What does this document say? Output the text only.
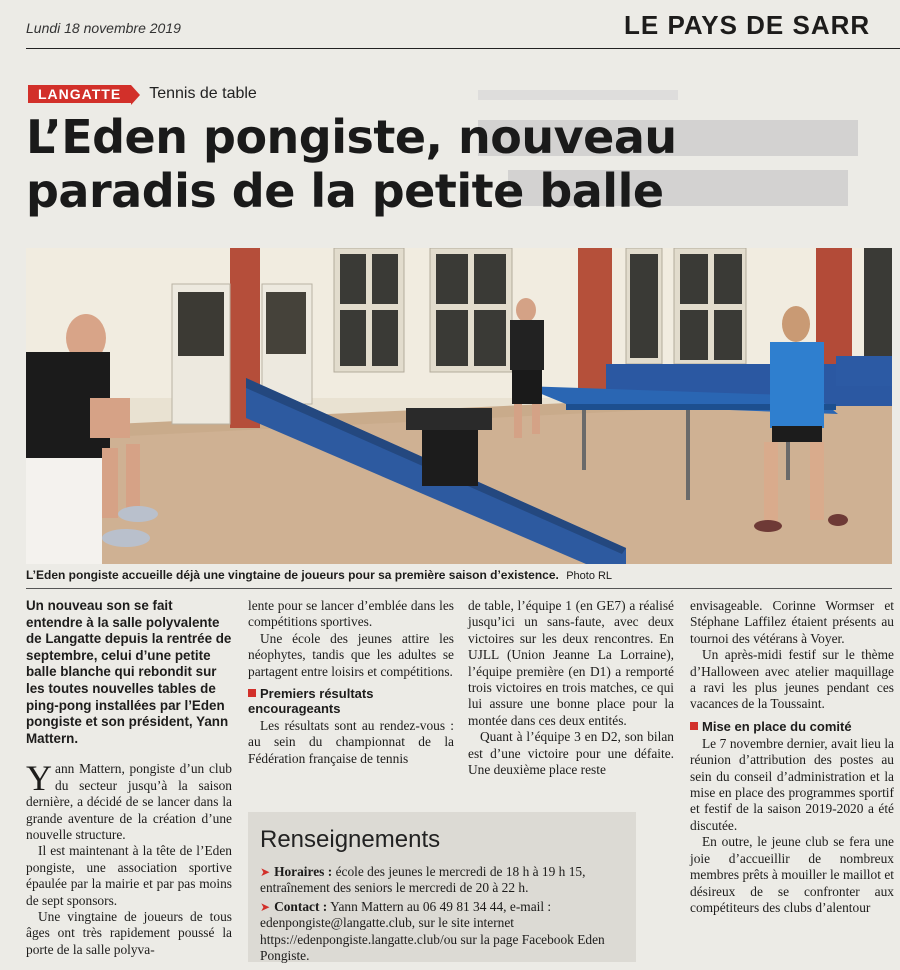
Lundi 18 novembre 2019	LE PAYS DE SARR
LANGATTE	Tennis de table
L’Eden pongiste, nouveau
paradis de la petite balle
L’Eden pongiste accueille déjà une vingtaine de joueurs pour sa première saison d’existence. Photo RL

Un nouveau son se fait entendre à la salle polyvalente de Langatte depuis la rentrée de septembre, celui d’une petite balle blanche qui rebondit sur les toutes nouvelles tables de ping-pong installées par l’Eden pongiste et son président, Yann Mattern.

Yann Mattern, pongiste d’un club du secteur jusqu’à la saison dernière, a décidé de se lancer dans la grande aventure de la création d’une nouvelle structure.

Il est maintenant à la tête de l’Eden pongiste, une association sportive épaulée par la mairie et par pas moins de sept sponsors.

Une vingtaine de joueurs de tous âges ont très rapidement poussé la porte de la salle polyva-

lente pour se lancer d’emblée dans les compétitions sportives.

Une école des jeunes attire les néophytes, tandis que les adultes se partagent entre loisirs et compétitions.

Premiers résultats encourageants

Les résultats sont au rendez-vous : au sein du championnat de la Fédération française de tennis

de table, l’équipe 1 (en GE7) a réalisé jusqu’ici un sans-faute, avec deux victoires sur les deux rencontres. En UJLL (Union Jeanne La Lorraine), l’équipe première (en D1) a remporté trois victoires en trois matches, ce qui lui assure une bonne place pour la montée dans ces deux entités.

Quant à l’équipe 3 en D2, son bilan est d’une victoire pour une défaite. Une deuxième place reste

envisageable. Corinne Wormser et Stéphane Laffilez étaient présents au tournoi des vétérans à Voyer.

Un après-midi festif sur le thème d’Halloween avec atelier maquillage a ravi les plus jeunes pendant ces vacances de la Toussaint.

Mise en place du comité

Le 7 novembre dernier, avait lieu la réunion d’attribution des postes au sein du conseil d’administration et la mise en place des programmes sportif et festif de la saison 2019-2020 a été discutée.

En outre, le jeune club se fera une joie d’accueillir de nombreux membres prêts à mouiller le maillot et désireux de se confronter aux compétiteurs des clubs d’alentour

Renseignements

➤ Horaires : école des jeunes le mercredi de 18 h à 19 h 15, entraînement des seniors le mercredi de 20 à 22 h.

➤ Contact : Yann Mattern au 06 49 81 34 44, e-mail : edenpongiste@langatte.club, sur le site internet https://edenpongiste.langatte.club/ou sur la page Facebook Eden Pongiste.
